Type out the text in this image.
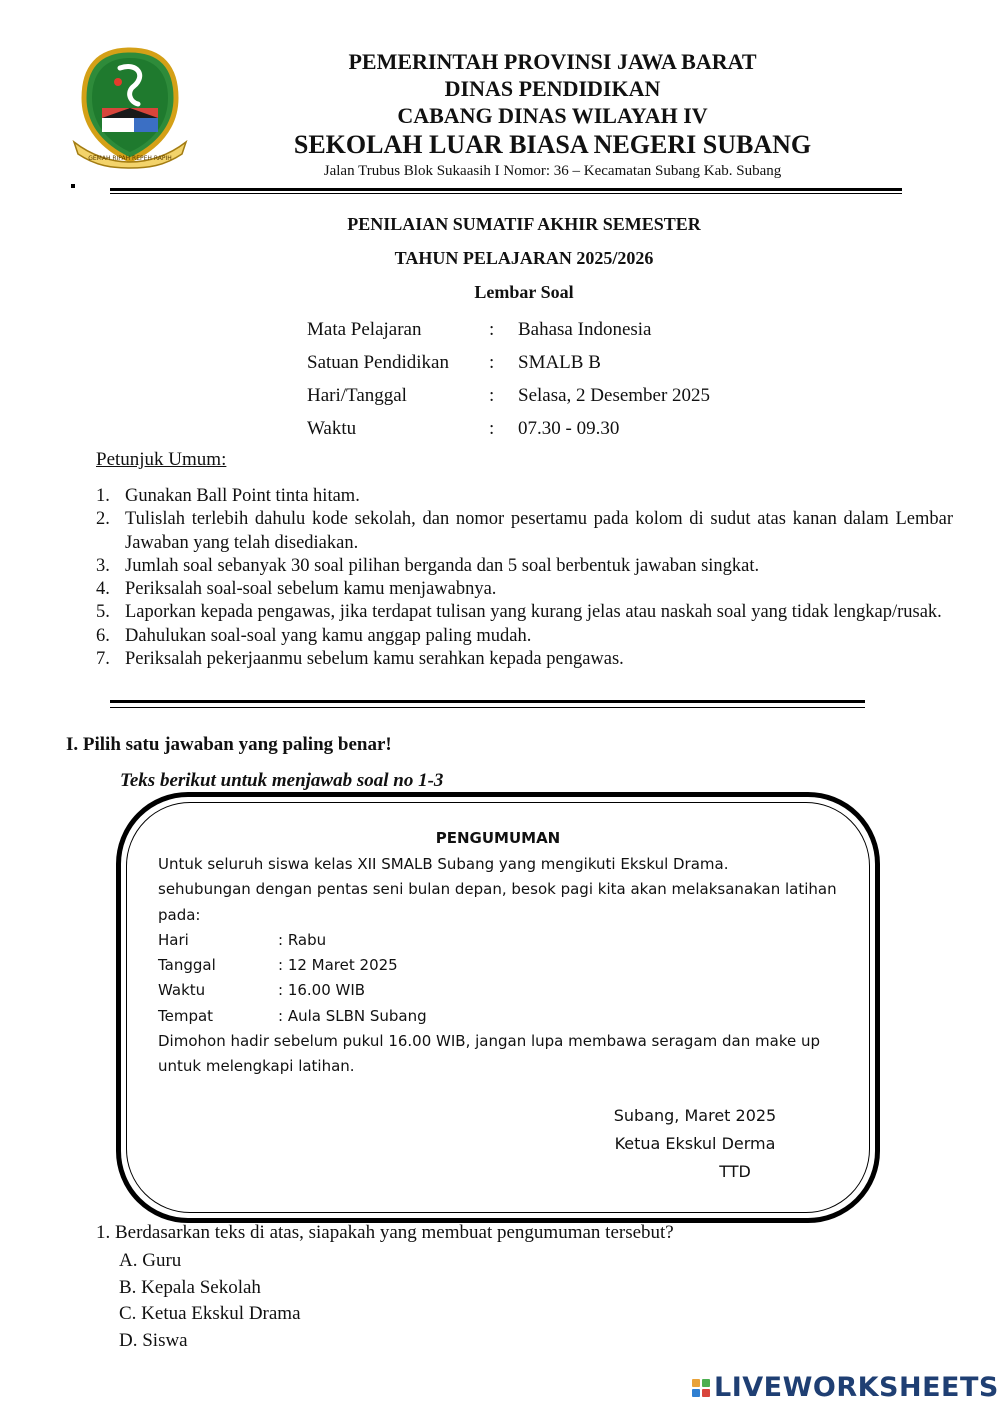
GEMAH RIPAH REPEH RAPIH
PEMERINTAH PROVINSI JAWA BARAT
DINAS PENDIDIKAN
CABANG DINAS WILAYAH IV
SEKOLAH LUAR BIASA NEGERI SUBANG
Jalan Trubus Blok Sukaasih I Nomor: 36 – Kecamatan Subang Kab. Subang
PENILAIAN SUMATIF AKHIR SEMESTER
TAHUN PELAJARAN 2025/2026
Lembar Soal
Mata Pelajaran	:	Bahasa Indonesia
Satuan Pendidikan	:	SMALB B
Hari/Tanggal	:	Selasa, 2 Desember 2025
Waktu	:	07.30 - 09.30
Petunjuk Umum:
1. Gunakan Ball Point tinta hitam.
2. Tulislah terlebih dahulu kode sekolah, dan nomor pesertamu pada kolom di sudut atas kanan dalam Lembar Jawaban yang telah disediakan.
3. Jumlah soal sebanyak 30 soal pilihan berganda dan 5 soal berbentuk jawaban singkat.
4. Periksalah soal-soal sebelum kamu menjawabnya.
5. Laporkan kepada pengawas, jika terdapat tulisan yang kurang jelas atau naskah soal yang tidak lengkap/rusak.
6. Dahulukan soal-soal yang kamu anggap paling mudah.
7. Periksalah pekerjaanmu sebelum kamu serahkan kepada pengawas.
I. Pilih satu jawaban yang paling benar!
Teks berikut untuk menjawab soal no 1-3
PENGUMUMAN
Untuk seluruh siswa kelas XII SMALB Subang yang mengikuti Ekskul Drama.
sehubungan dengan pentas seni bulan depan, besok pagi kita akan melaksanakan latihan
pada:
Hari	: Rabu
Tanggal	: 12 Maret 2025
Waktu	: 16.00 WIB
Tempat	: Aula SLBN Subang
Dimohon hadir sebelum pukul 16.00 WIB, jangan lupa membawa seragam dan make up
untuk melengkapi latihan.
Subang, Maret 2025
Ketua Ekskul Derma
TTD
1. Berdasarkan teks di atas, siapakah yang membuat pengumuman tersebut?
A. Guru
B. Kepala Sekolah
C. Ketua Ekskul Drama
D. Siswa
LIVEWORKSHEETS
